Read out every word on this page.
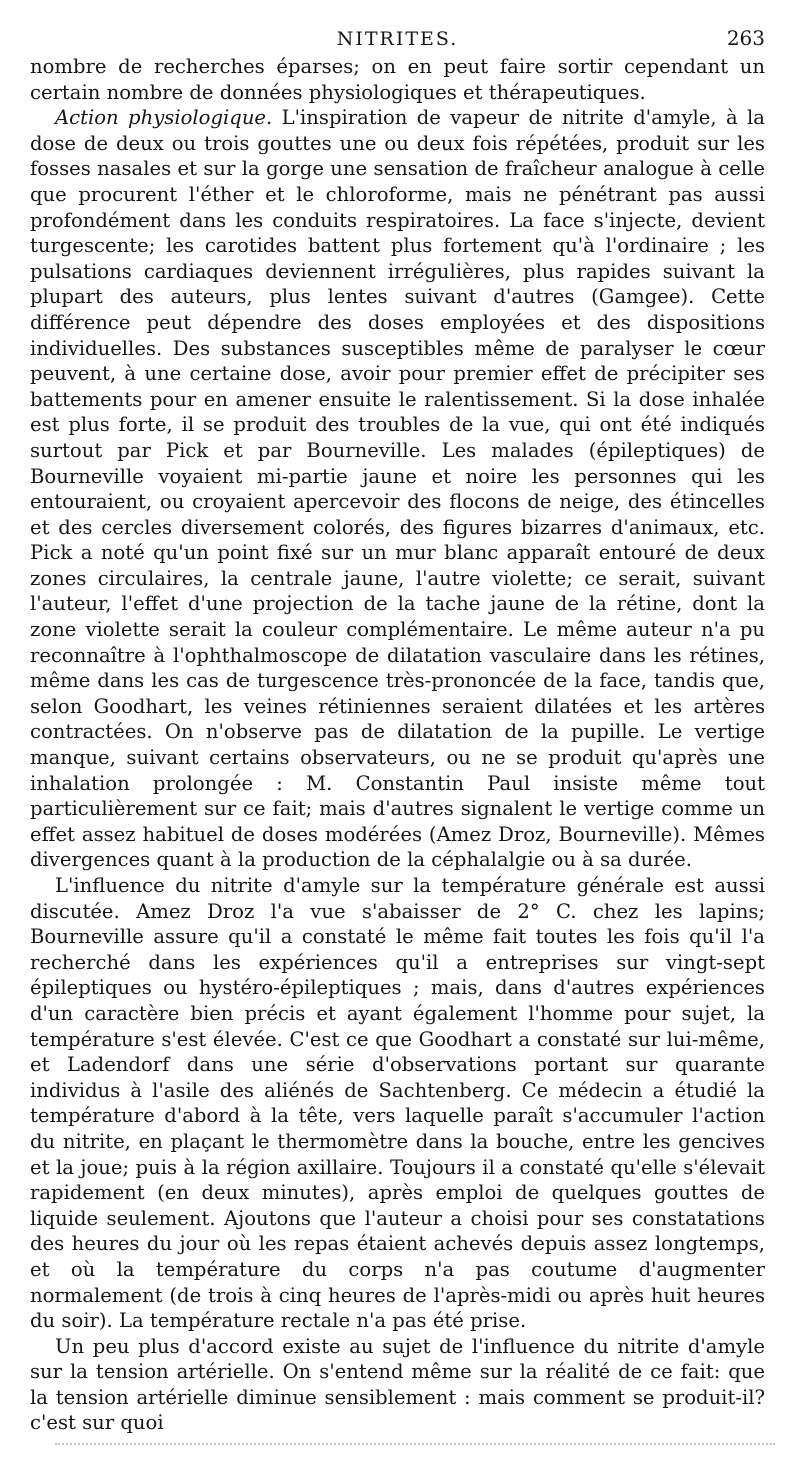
NITRITES.	263

nombre de recherches éparses; on en peut faire sortir cependant un certain nombre de données physiologiques et thérapeutiques.

Action physiologique. L'inspiration de vapeur de nitrite d'amyle, à la dose de deux ou trois gouttes une ou deux fois répétées, produit sur les fosses nasales et sur la gorge une sensation de fraîcheur analogue à celle que procurent l'éther et le chloroforme, mais ne pénétrant pas aussi profondément dans les conduits respiratoires. La face s'injecte, devient turgescente; les carotides battent plus fortement qu'à l'ordinaire ; les pulsations cardiaques deviennent irrégulières, plus rapides suivant la plupart des auteurs, plus lentes suivant d'autres (Gamgee). Cette différence peut dépendre des doses employées et des dispositions individuelles. Des substances susceptibles même de paralyser le cœur peuvent, à une certaine dose, avoir pour premier effet de précipiter ses battements pour en amener ensuite le ralentissement. Si la dose inhalée est plus forte, il se produit des troubles de la vue, qui ont été indiqués surtout par Pick et par Bourneville. Les malades (épileptiques) de Bourneville voyaient mi-partie jaune et noire les personnes qui les entouraient, ou croyaient apercevoir des flocons de neige, des étincelles et des cercles diversement colorés, des figures bizarres d'animaux, etc. Pick a noté qu'un point fixé sur un mur blanc apparaît entouré de deux zones circulaires, la centrale jaune, l'autre violette; ce serait, suivant l'auteur, l'effet d'une projection de la tache jaune de la rétine, dont la zone violette serait la couleur complémentaire. Le même auteur n'a pu reconnaître à l'ophthalmoscope de dilatation vasculaire dans les rétines, même dans les cas de turgescence très-prononcée de la face, tandis que, selon Goodhart, les veines rétiniennes seraient dilatées et les artères contractées. On n'observe pas de dilatation de la pupille. Le vertige manque, suivant certains observateurs, ou ne se produit qu'après une inhalation prolongée : M. Constantin Paul insiste même tout particulièrement sur ce fait; mais d'autres signalent le vertige comme un effet assez habituel de doses modérées (Amez Droz, Bourneville). Mêmes divergences quant à la production de la céphalalgie ou à sa durée.

L'influence du nitrite d'amyle sur la température générale est aussi discutée. Amez Droz l'a vue s'abaisser de 2° C. chez les lapins; Bourneville assure qu'il a constaté le même fait toutes les fois qu'il l'a recherché dans les expériences qu'il a entreprises sur vingt-sept épileptiques ou hystéro-épileptiques ; mais, dans d'autres expériences d'un caractère bien précis et ayant également l'homme pour sujet, la température s'est élevée. C'est ce que Goodhart a constaté sur lui-même, et Ladendorf dans une série d'observations portant sur quarante individus à l'asile des aliénés de Sachtenberg. Ce médecin a étudié la température d'abord à la tête, vers laquelle paraît s'accumuler l'action du nitrite, en plaçant le thermomètre dans la bouche, entre les gencives et la joue; puis à la région axillaire. Toujours il a constaté qu'elle s'élevait rapidement (en deux minutes), après emploi de quelques gouttes de liquide seulement. Ajoutons que l'auteur a choisi pour ses constatations des heures du jour où les repas étaient achevés depuis assez longtemps, et où la température du corps n'a pas coutume d'augmenter normalement (de trois à cinq heures de l'après-midi ou après huit heures du soir). La température rectale n'a pas été prise.

Un peu plus d'accord existe au sujet de l'influence du nitrite d'amyle sur la tension artérielle. On s'entend même sur la réalité de ce fait: que la tension artérielle diminue sensiblement : mais comment se produit-il? c'est sur quoi
